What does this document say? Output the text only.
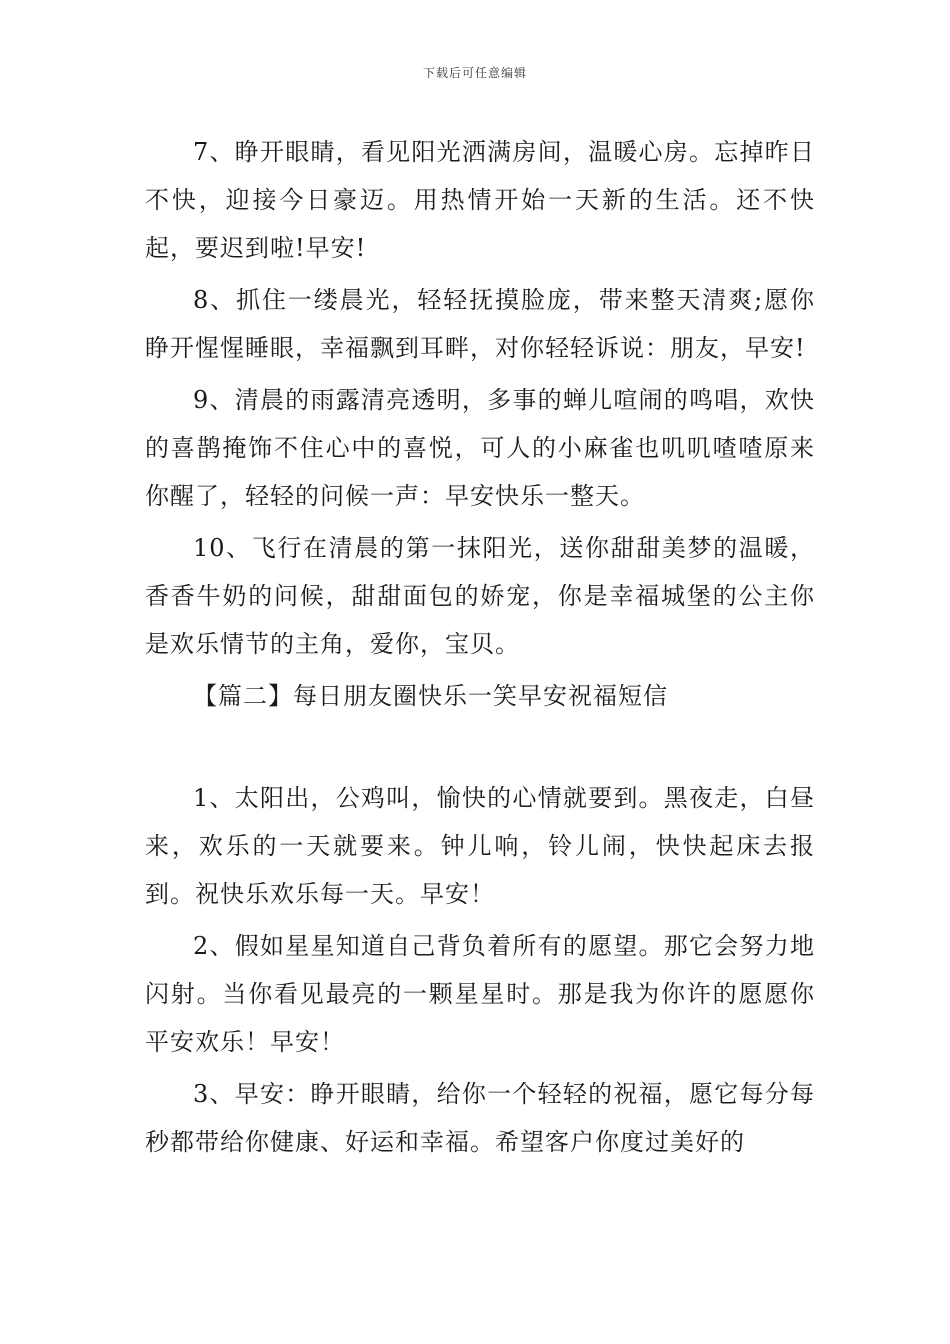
下载后可任意编辑

7、睁开眼睛，看见阳光洒满房间，温暖心房。忘掉昨日不快，迎接今日豪迈。用热情开始一天新的生活。还不快起，要迟到啦!早安!

8、抓住一缕晨光，轻轻抚摸脸庞，带来整天清爽;愿你睁开惺惺睡眼，幸福飘到耳畔，对你轻轻诉说：朋友，早安!

9、清晨的雨露清亮透明，多事的蝉儿喧闹的鸣唱，欢快的喜鹊掩饰不住心中的喜悦，可人的小麻雀也叽叽喳喳原来你醒了，轻轻的问候一声：早安快乐一整天。

10、飞行在清晨的第一抹阳光，送你甜甜美梦的温暖，香香牛奶的问候，甜甜面包的娇宠，你是幸福城堡的公主你是欢乐情节的主角，爱你，宝贝。

【篇二】每日朋友圈快乐一笑早安祝福短信

1、太阳出，公鸡叫，愉快的心情就要到。黑夜走，白昼来，欢乐的一天就要来。钟儿响，铃儿闹，快快起床去报到。祝快乐欢乐每一天。早安！

2、假如星星知道自己背负着所有的愿望。那它会努力地闪射。当你看见最亮的一颗星星时。那是我为你许的愿愿你平安欢乐！早安！

3、早安：睁开眼睛，给你一个轻轻的祝福，愿它每分每秒都带给你健康、好运和幸福。希望客户你度过美好的
